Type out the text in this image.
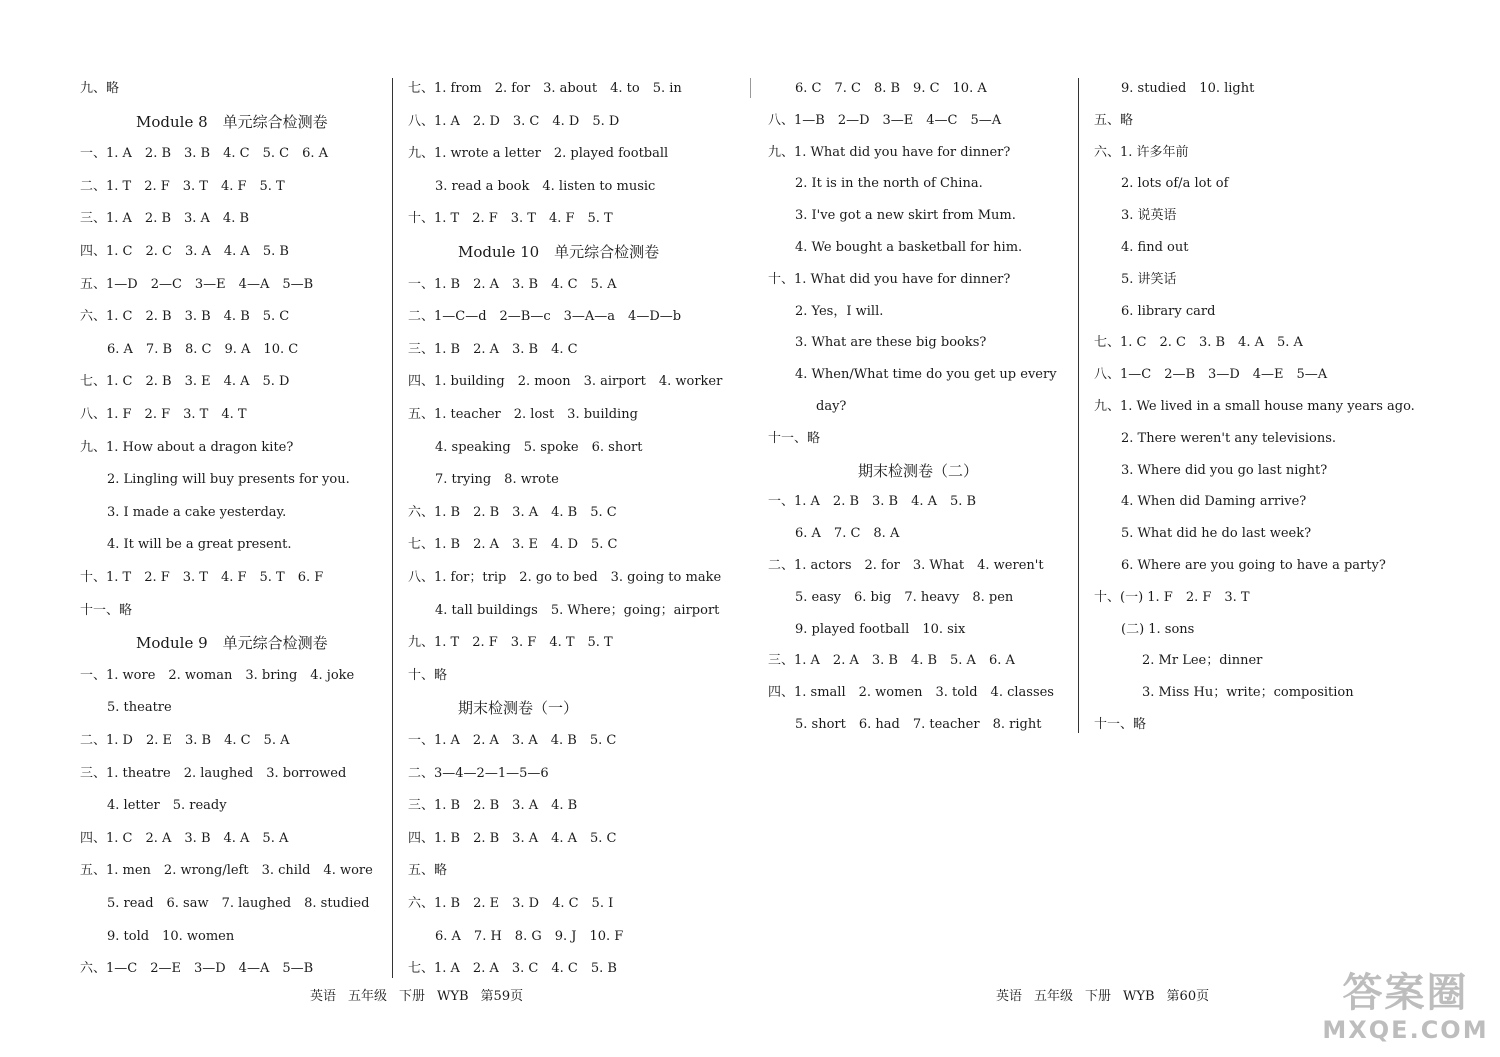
九、略
Module 8　单元综合检测卷
一、1. A　2. B　3. B　4. C　5. C　6. A
二、1. T　2. F　3. T　4. F　5. T
三、1. A　2. B　3. A　4. B
四、1. C　2. C　3. A　4. A　5. B
五、1—D　2—C　3—E　4—A　5—B
六、1. C　2. B　3. B　4. B　5. C
6. A　7. B　8. C　9. A　10. C
七、1. C　2. B　3. E　4. A　5. D
八、1. F　2. F　3. T　4. T
九、1. How about a dragon kite?
2. Lingling will buy presents for you.
3. I made a cake yesterday.
4. It will be a great present.
十、1. T　2. F　3. T　4. F　5. T　6. F
十一、略
Module 9　单元综合检测卷
一、1. wore　2. woman　3. bring　4. joke
5. theatre
二、1. D　2. E　3. B　4. C　5. A
三、1. theatre　2. laughed　3. borrowed
4. letter　5. ready
四、1. C　2. A　3. B　4. A　5. A
五、1. men　2. wrong/left　3. child　4. wore
5. read　6. saw　7. laughed　8. studied
9. told　10. women
六、1—C　2—E　3—D　4—A　5—B
七、1. from　2. for　3. about　4. to　5. in
八、1. A　2. D　3. C　4. D　5. D
九、1. wrote a letter　2. played football
3. read a book　4. listen to music
十、1. T　2. F　3. T　4. F　5. T
Module 10　单元综合检测卷
一、1. B　2. A　3. B　4. C　5. A
二、1—C—d　2—B—c　3—A—a　4—D—b
三、1. B　2. A　3. B　4. C
四、1. building　2. moon　3. airport　4. worker
五、1. teacher　2. lost　3. building
4. speaking　5. spoke　6. short
7. trying　8. wrote
六、1. B　2. B　3. A　4. B　5. C
七、1. B　2. A　3. E　4. D　5. C
八、1. for；trip　2. go to bed　3. going to make
4. tall buildings　5. Where；going；airport
九、1. T　2. F　3. F　4. T　5. T
十、略
期末检测卷（一）
一、1. A　2. A　3. A　4. B　5. C
二、3—4—2—1—5—6
三、1. B　2. B　3. A　4. B
四、1. B　2. B　3. A　4. A　5. C
五、略
六、1. B　2. E　3. D　4. C　5. I
6. A　7. H　8. G　9. J　10. F
七、1. A　2. A　3. C　4. C　5. B
6. C　7. C　8. B　9. C　10. A
八、1—B　2—D　3—E　4—C　5—A
九、1. What did you have for dinner?
2. It is in the north of China.
3. I've got a new skirt from Mum.
4. We bought a basketball for him.
十、1. What did you have for dinner?
2. Yes，I will.
3. What are these big books?
4. When/What time do you get up every
day?
十一、略
期末检测卷（二）
一、1. A　2. B　3. B　4. A　5. B
6. A　7. C　8. A
二、1. actors　2. for　3. What　4. weren't
5. easy　6. big　7. heavy　8. pen
9. played football　10. six
三、1. A　2. A　3. B　4. B　5. A　6. A
四、1. small　2. women　3. told　4. classes
5. short　6. had　7. teacher　8. right
9. studied　10. light
五、略
六、1. 许多年前
2. lots of/a lot of
3. 说英语
4. find out
5. 讲笑话
6. library card
七、1. C　2. C　3. B　4. A　5. A
八、1—C　2—B　3—D　4—E　5—A
九、1. We lived in a small house many years ago.
2. There weren't any televisions.
3. Where did you go last night?
4. When did Daming arrive?
5. What did he do last week?
6. Where are you going to have a party?
十、(一) 1. F　2. F　3. T
(二) 1. sons
2. Mr Lee；dinner
3. Miss Hu；write；composition
十一、略
英语 五年级 下册 WYB 第59页	英语 五年级 下册 WYB 第60页	答案圈
MXQE.COM
